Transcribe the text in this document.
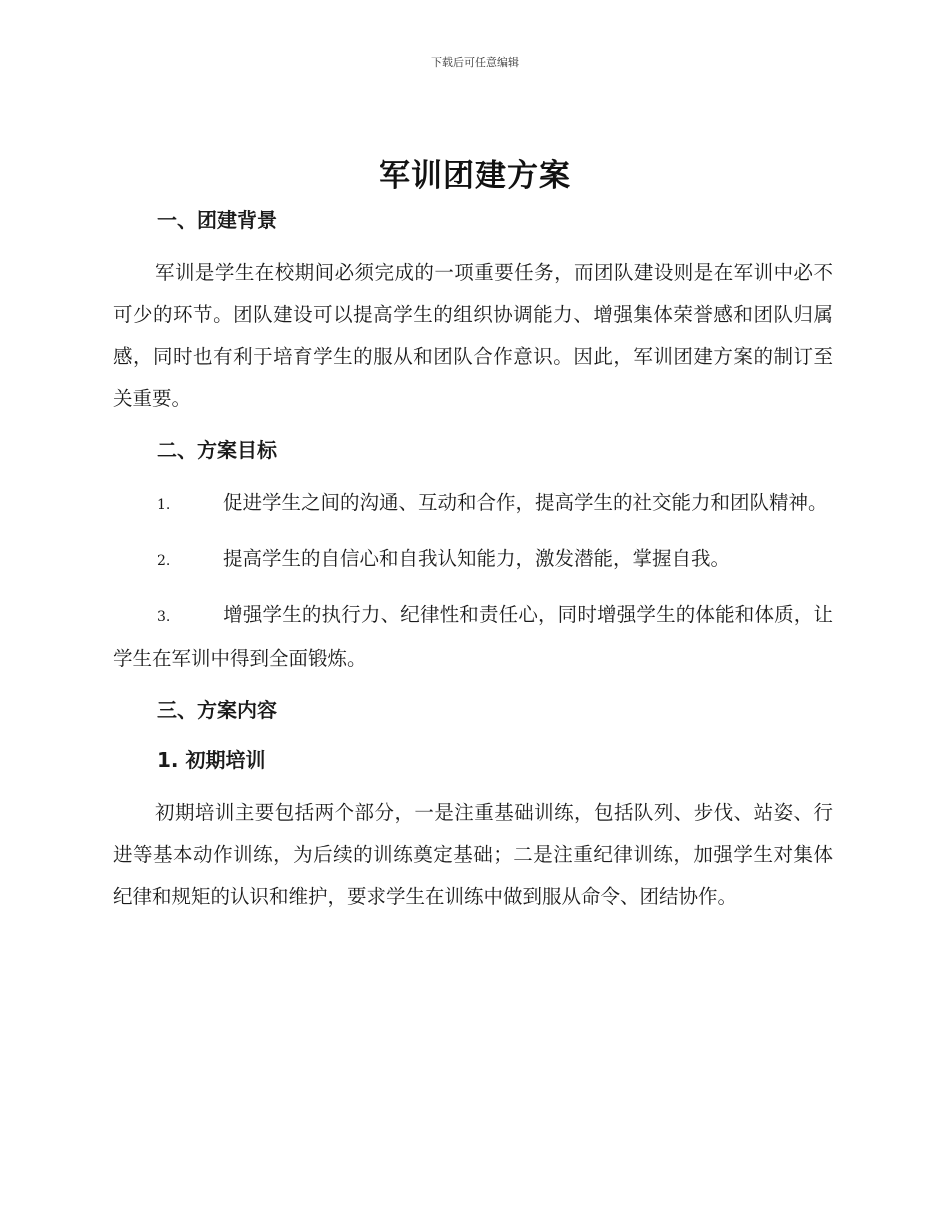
下载后可任意编辑
军训团建方案
一、团建背景

军训是学生在校期间必须完成的一项重要任务，而团队建设则是在军训中必不可少的环节。团队建设可以提高学生的组织协调能力、增强集体荣誉感和团队归属感，同时也有利于培育学生的服从和团队合作意识。因此，军训团建方案的制订至关重要。

二、方案目标

1.	促进学生之间的沟通、互动和合作，提高学生的社交能力和团队精神。

2.	提高学生的自信心和自我认知能力，激发潜能，掌握自我。

3.	增强学生的执行力、纪律性和责任心，同时增强学生的体能和体质，让学生在军训中得到全面锻炼。

三、方案内容
1. 初期培训

初期培训主要包括两个部分，一是注重基础训练，包括队列、步伐、站姿、行进等基本动作训练，为后续的训练奠定基础；二是注重纪律训练，加强学生对集体纪律和规矩的认识和维护，要求学生在训练中做到服从命令、团结协作。
